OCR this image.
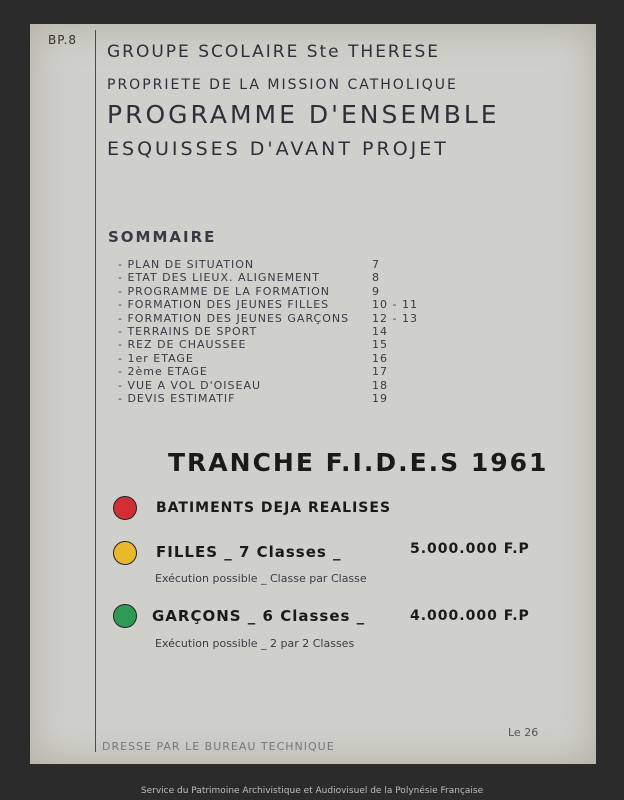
BP.8
GROUPE SCOLAIRE Ste THERESE
PROPRIETE DE LA MISSION CATHOLIQUE
PROGRAMME D'ENSEMBLE
ESQUISSES D'AVANT PROJET
SOMMAIRE
- PLAN DE SITUATION	7
- ETAT DES LIEUX. ALIGNEMENT	8
- PROGRAMME DE LA FORMATION	9
- FORMATION DES JEUNES FILLES	10 - 11
- FORMATION DES JEUNES GARÇONS 12 - 13
- TERRAINS DE SPORT	14
- REZ DE CHAUSSEE	15
- 1er ETAGE	16
- 2ème ETAGE	17
- VUE A VOL D'OISEAU	18
- DEVIS ESTIMATIF	19
TRANCHE F.I.D.E.S 1961
BATIMENTS DEJA REALISES
FILLES _ 7 Classes _	5.000.000 F.P
Exécution possible _ Classe par Classe
GARÇONS _ 6 Classes _	4.000.000 F.P
Exécution possible _ 2 par 2 Classes
DRESSE PAR LE BUREAU TECHNIQUE
Le 26
Service du Patrimoine Archivistique et Audiovisuel de la Polynésie Française
